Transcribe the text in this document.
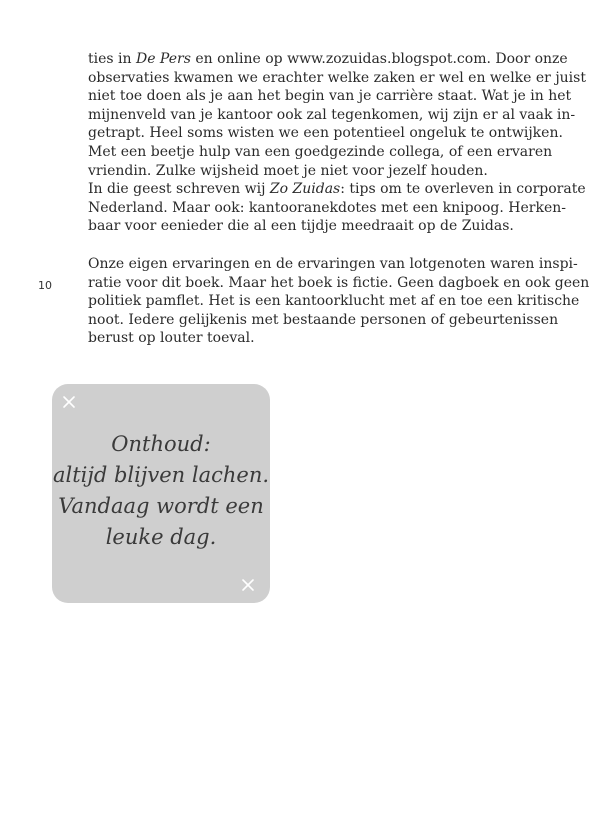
10
ties in De Pers en online op www.zozuidas.blogspot.com. Door onze
observaties kwamen we erachter welke zaken er wel en welke er juist
niet toe doen als je aan het begin van je carrière staat. Wat je in het
mijnenveld van je kantoor ook zal tegenkomen, wij zijn er al vaak in-
getrapt. Heel soms wisten we een potentieel ongeluk te ontwijken.
Met een beetje hulp van een goedgezinde collega, of een ervaren
vriendin. Zulke wijsheid moet je niet voor jezelf houden.
In die geest schreven wij Zo Zuidas: tips om te overleven in corporate
Nederland. Maar ook: kantooranekdotes met een knipoog. Herken-
baar voor eenieder die al een tijdje meedraait op de Zuidas.
Onze eigen ervaringen en de ervaringen van lotgenoten waren inspi-
ratie voor dit boek. Maar het boek is fictie. Geen dagboek en ook geen
politiek pamflet. Het is een kantoorklucht met af en toe een kritische
noot. Iedere gelijkenis met bestaande personen of gebeurtenissen
berust op louter toeval.
Onthoud:
altijd blijven lachen.
Vandaag wordt een
leuke dag.
